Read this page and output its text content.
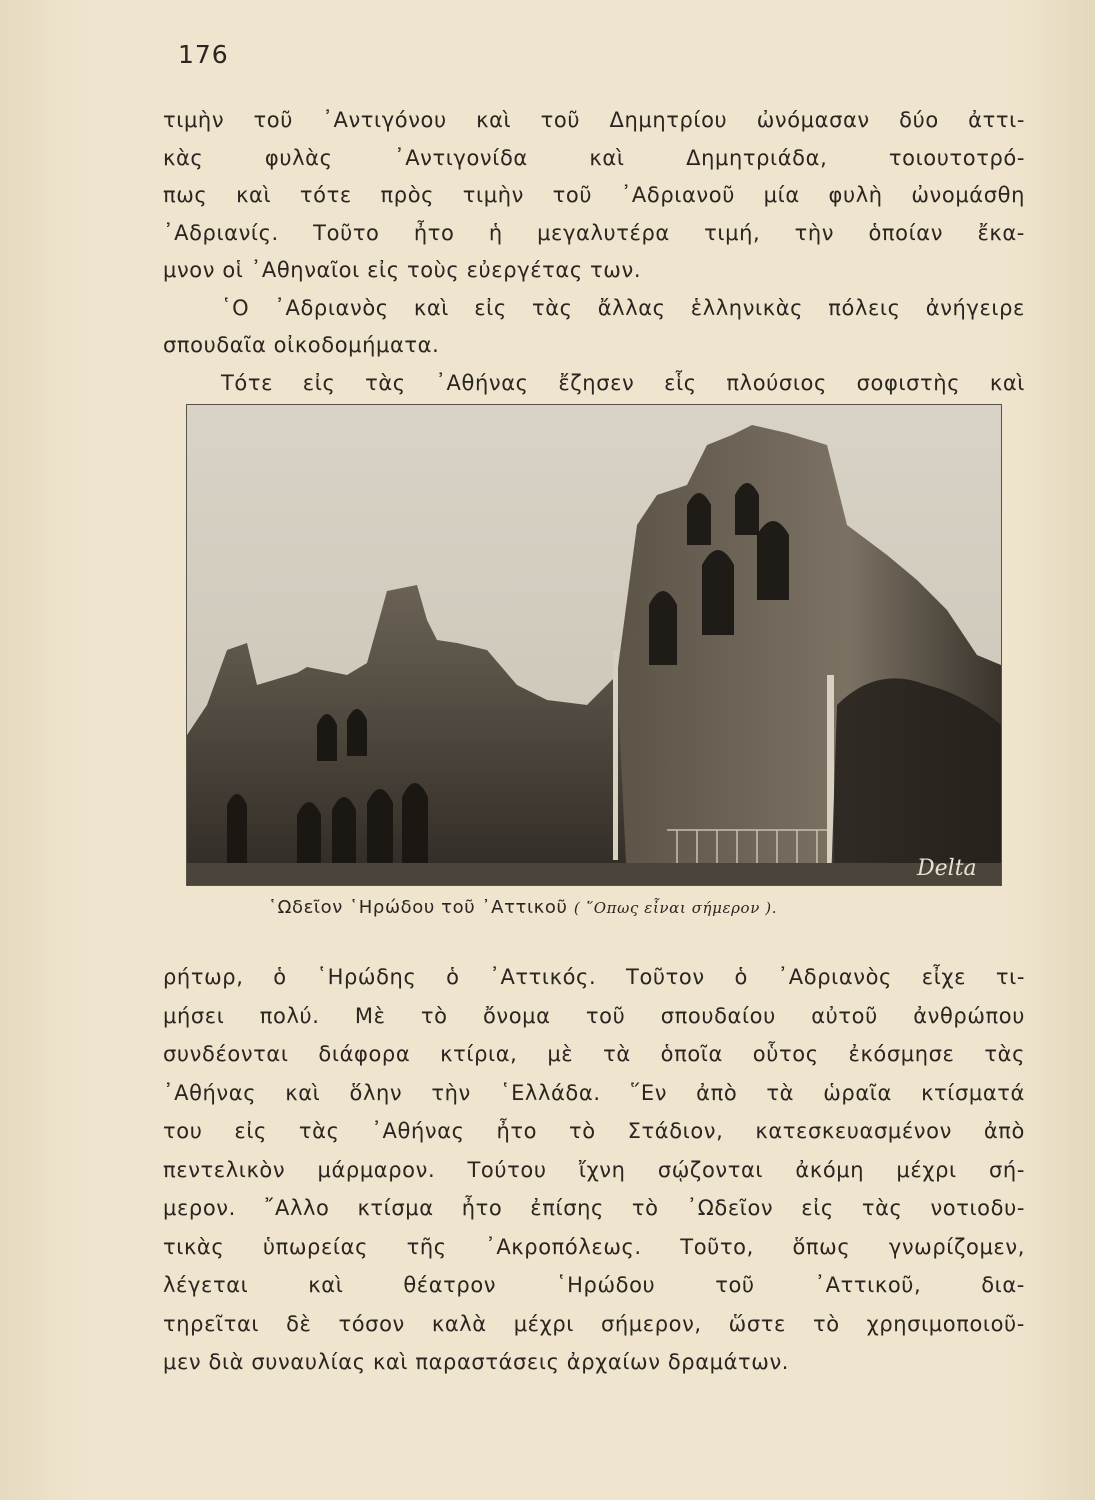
176
τιμὴν τοῦ ᾿Αντιγόνου καὶ τοῦ Δημητρίου ὠνόμασαν δύο ἀττι-
κὰς φυλὰς ᾿Αντιγονίδα καὶ Δημητριάδα, τοιουτοτρό-
πως καὶ τότε πρὸς τιμὴν τοῦ ᾿Αδριανοῦ μία φυλὴ ὠνομάσθη
᾿Αδριανίς. Τοῦτο ἦτο ἡ μεγαλυτέρα τιμή, τὴν ὁποίαν ἔκα-
μνον οἱ ᾿Αθηναῖοι εἰς τοὺς εὐεργέτας των.
῾Ο ᾿Αδριανὸς καὶ εἰς τὰς ἄλλας ἑλληνικὰς πόλεις ἀνήγειρε
σπουδαῖα οἰκοδομήματα.
Τότε εἰς τὰς ᾿Αθήνας ἔζησεν εἷς πλούσιος σοφιστὴς καὶ
Delta
῾Ωδεῖον ῾Ηρώδου τοῦ ᾿Αττικοῦ ( ῞Οπως εἶναι σήμερον ).
ρήτωρ, ὁ ῾Ηρώδης ὁ ᾿Αττικός. Τοῦτον ὁ ᾿Αδριανὸς εἶχε τι-
μήσει πολύ. Μὲ τὸ ὄνομα τοῦ σπουδαίου αὐτοῦ ἀνθρώπου
συνδέονται διάφορα κτίρια, μὲ τὰ ὁποῖα οὗτος ἐκόσμησε τὰς
᾿Αθήνας καὶ ὅλην τὴν ῾Ελλάδα. ῞Εν ἀπὸ τὰ ὡραῖα κτίσματά
του εἰς τὰς ᾿Αθήνας ἦτο τὸ Στάδιον, κατεσκευασμένον ἀπὸ
πεντελικὸν μάρμαρον. Τούτου ἴχνη σῴζονται ἀκόμη μέχρι σή-
μερον. ῎Αλλο κτίσμα ἦτο ἐπίσης τὸ ᾿Ωδεῖον εἰς τὰς νοτιοδυ-
τικὰς ὑπωρείας τῆς ᾿Ακροπόλεως. Τοῦτο, ὅπως γνωρίζομεν,
λέγεται καὶ θέατρον ῾Ηρώδου τοῦ ᾿Αττικοῦ, δια-
τηρεῖται δὲ τόσον καλὰ μέχρι σήμερον, ὥστε τὸ χρησιμοποιοῦ-
μεν διὰ συναυλίας καὶ παραστάσεις ἀρχαίων δραμάτων.
